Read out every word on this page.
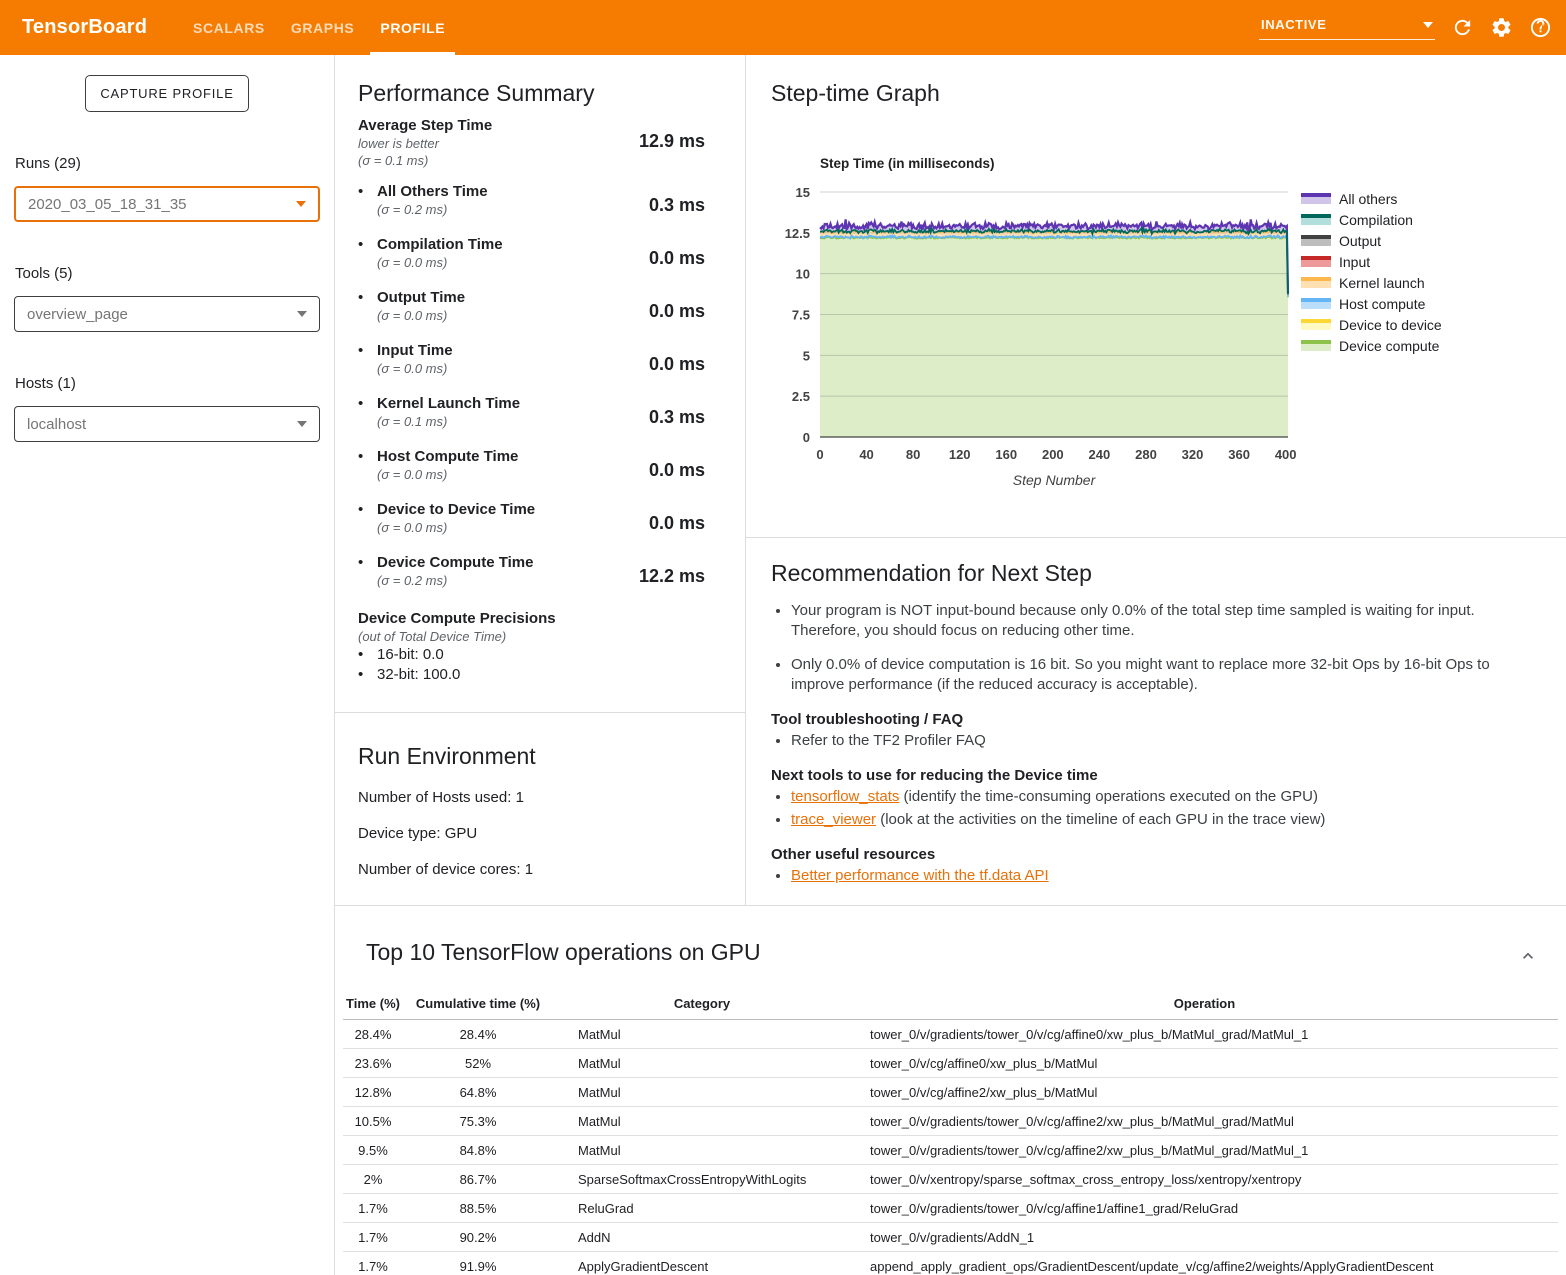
TensorBoard	SCALARS	GRAPHS	PROFILE	INACTIVE
CAPTURE PROFILE
Runs (29)
2020_03_05_18_31_35
Tools (5)
overview_page
Hosts (1)
localhost
Performance Summary
Average Step Time
lower is better
(σ = 0.1 ms)
12.9 ms
• All Others Time
(σ = 0.2 ms)	0.3 ms
• Compilation Time
(σ = 0.0 ms)	0.0 ms
• Output Time
(σ = 0.0 ms)	0.0 ms
• Input Time
(σ = 0.0 ms)	0.0 ms
• Kernel Launch Time
(σ = 0.1 ms)	0.3 ms
• Host Compute Time
(σ = 0.0 ms)	0.0 ms
• Device to Device Time
(σ = 0.0 ms)	0.0 ms
• Device Compute Time
(σ = 0.2 ms)	12.2 ms
Device Compute Precisions
(out of Total Device Time)
• 16-bit: 0.0
• 32-bit: 100.0
Run Environment
Number of Hosts used: 1
Device type: GPU
Number of device cores: 1
Step-time Graph
Step Time (in milliseconds)
0
2.5
5
7.5
10
12.5
15
0	40 80 120 160 200 240 280 320 360 400
Step Number
All others
Compilation
Output
Input
Kernel launch
Host compute
Device to device
Device compute
Recommendation for Next Step
• Your program is NOT input-bound because only 0.0% of the total step time sampled is waiting for input. Therefore, you should focus on reducing other time.
• Only 0.0% of device computation is 16 bit. So you might want to replace more 32-bit Ops by 16-bit Ops to improve performance (if the reduced accuracy is acceptable).
Tool troubleshooting / FAQ
• Refer to the TF2 Profiler FAQ
Next tools to use for reducing the Device time
• tensorflow_stats (identify the time-consuming operations executed on the GPU)
• trace_viewer (look at the activities on the timeline of each GPU in the trace view)
Other useful resources
• Better performance with the tf.data API
Top 10 TensorFlow operations on GPU
Time (%)	Cumulative time (%)	Category	Operation
28.4%	28.4%	MatMul	tower_0/v/gradients/tower_0/v/cg/affine0/xw_plus_b/MatMul_grad/MatMul_1
23.6%	52%	MatMul	tower_0/v/cg/affine0/xw_plus_b/MatMul
12.8%	64.8%	MatMul	tower_0/v/cg/affine2/xw_plus_b/MatMul
10.5%	75.3%	MatMul	tower_0/v/gradients/tower_0/v/cg/affine2/xw_plus_b/MatMul_grad/MatMul
9.5%	84.8%	MatMul	tower_0/v/gradients/tower_0/v/cg/affine2/xw_plus_b/MatMul_grad/MatMul_1
2%	86.7%	SparseSoftmaxCrossEntropyWithLogits	tower_0/v/xentropy/sparse_softmax_cross_entropy_loss/xentropy/xentropy
1.7%	88.5%	ReluGrad	tower_0/v/gradients/tower_0/v/cg/affine1/affine1_grad/ReluGrad
1.7%	90.2%	AddN	tower_0/v/gradients/AddN_1
1.7%	91.9%	ApplyGradientDescent	append_apply_gradient_ops/GradientDescent/update_v/cg/affine2/weights/ApplyGradientDescent
